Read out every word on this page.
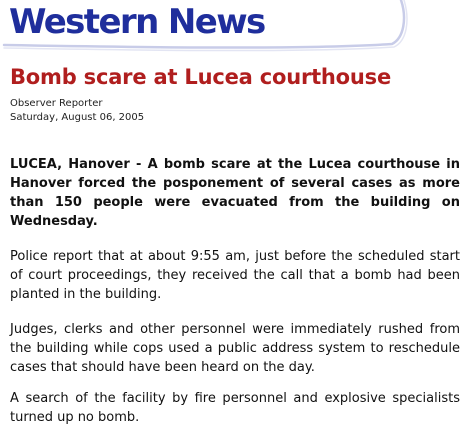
Western News
Bomb scare at Lucea courthouse
Observer Reporter
Saturday, August 06, 2005

LUCEA, Hanover - A bomb scare at the Lucea courthouse in Hanover forced the posponement of several cases as more than 150 people were evacuated from the building on Wednesday.

Police report that at about 9:55 am, just before the scheduled start of court proceedings, they received the call that a bomb had been planted in the building.

Judges, clerks and other personnel were immediately rushed from the building while cops used a public address system to reschedule cases that should have been heard on the day.

A search of the facility by fire personnel and explosive specialists turned up no bomb.
